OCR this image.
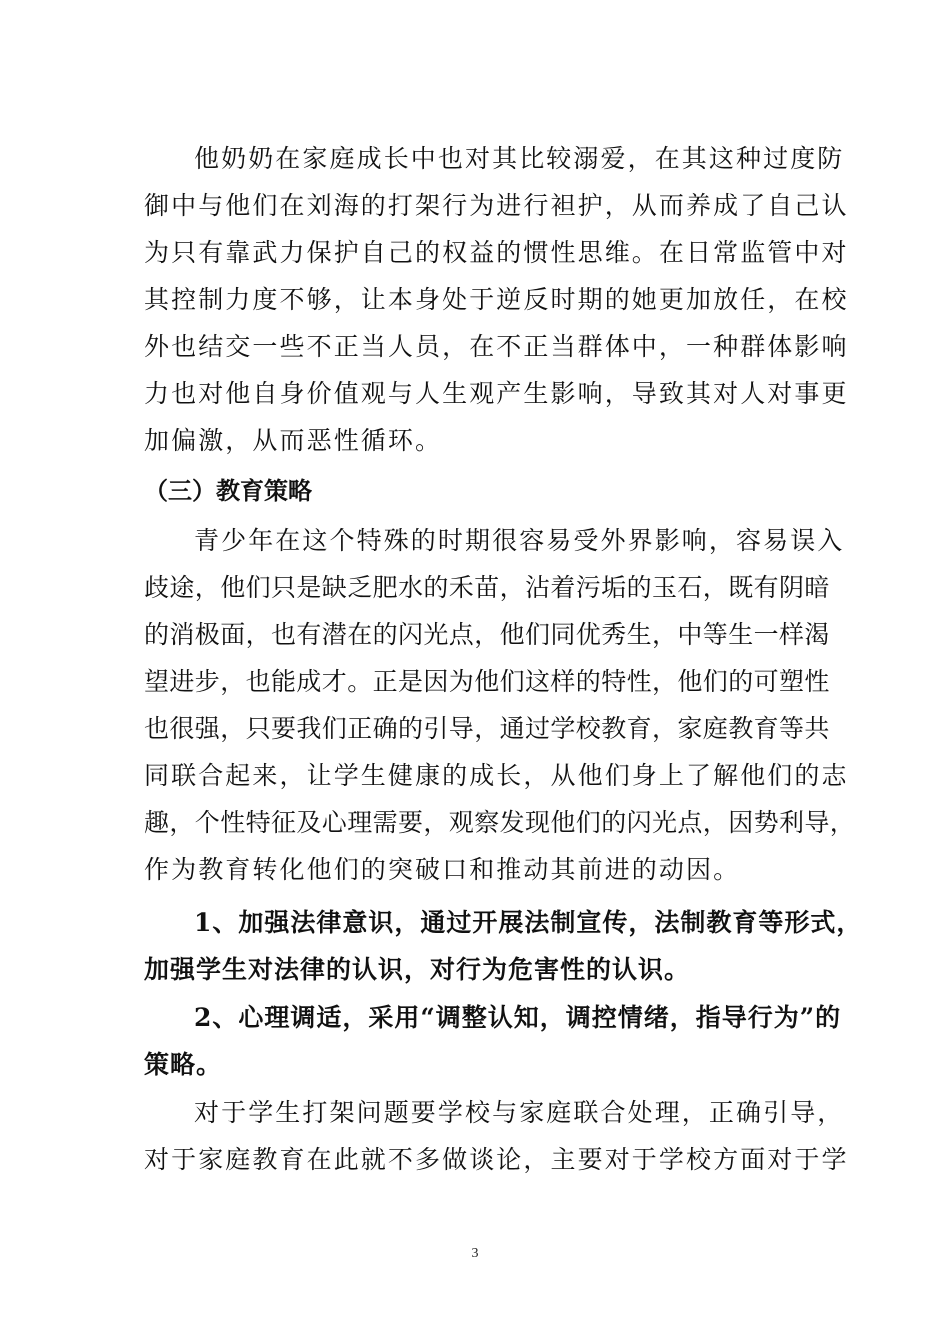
他奶奶在家庭成长中也对其比较溺爱，在其这种过度防
御中与他们在刘海的打架行为进行袒护，从而养成了自己认
为只有靠武力保护自己的权益的惯性思维。在日常监管中对
其控制力度不够，让本身处于逆反时期的她更加放任，在校
外也结交一些不正当人员，在不正当群体中，一种群体影响
力也对他自身价值观与人生观产生影响，导致其对人对事更
加偏激，从而恶性循环。
（三）教育策略
青少年在这个特殊的时期很容易受外界影响，容易误入
歧途，他们只是缺乏肥水的禾苗，沾着污垢的玉石，既有阴暗
的消极面，也有潜在的闪光点，他们同优秀生，中等生一样渴
望进步，也能成才。正是因为他们这样的特性，他们的可塑性
也很强，只要我们正确的引导，通过学校教育，家庭教育等共
同联合起来，让学生健康的成长，从他们身上了解他们的志
趣，个性特征及心理需要，观察发现他们的闪光点，因势利导，
作为教育转化他们的突破口和推动其前进的动因。
1、加强法律意识，通过开展法制宣传，法制教育等形式，
加强学生对法律的认识，对行为危害性的认识。
2、心理调适，采用“调整认知，调控情绪，指导行为”的
策略。
对于学生打架问题要学校与家庭联合处理，正确引导，
对于家庭教育在此就不多做谈论，主要对于学校方面对于学
3
